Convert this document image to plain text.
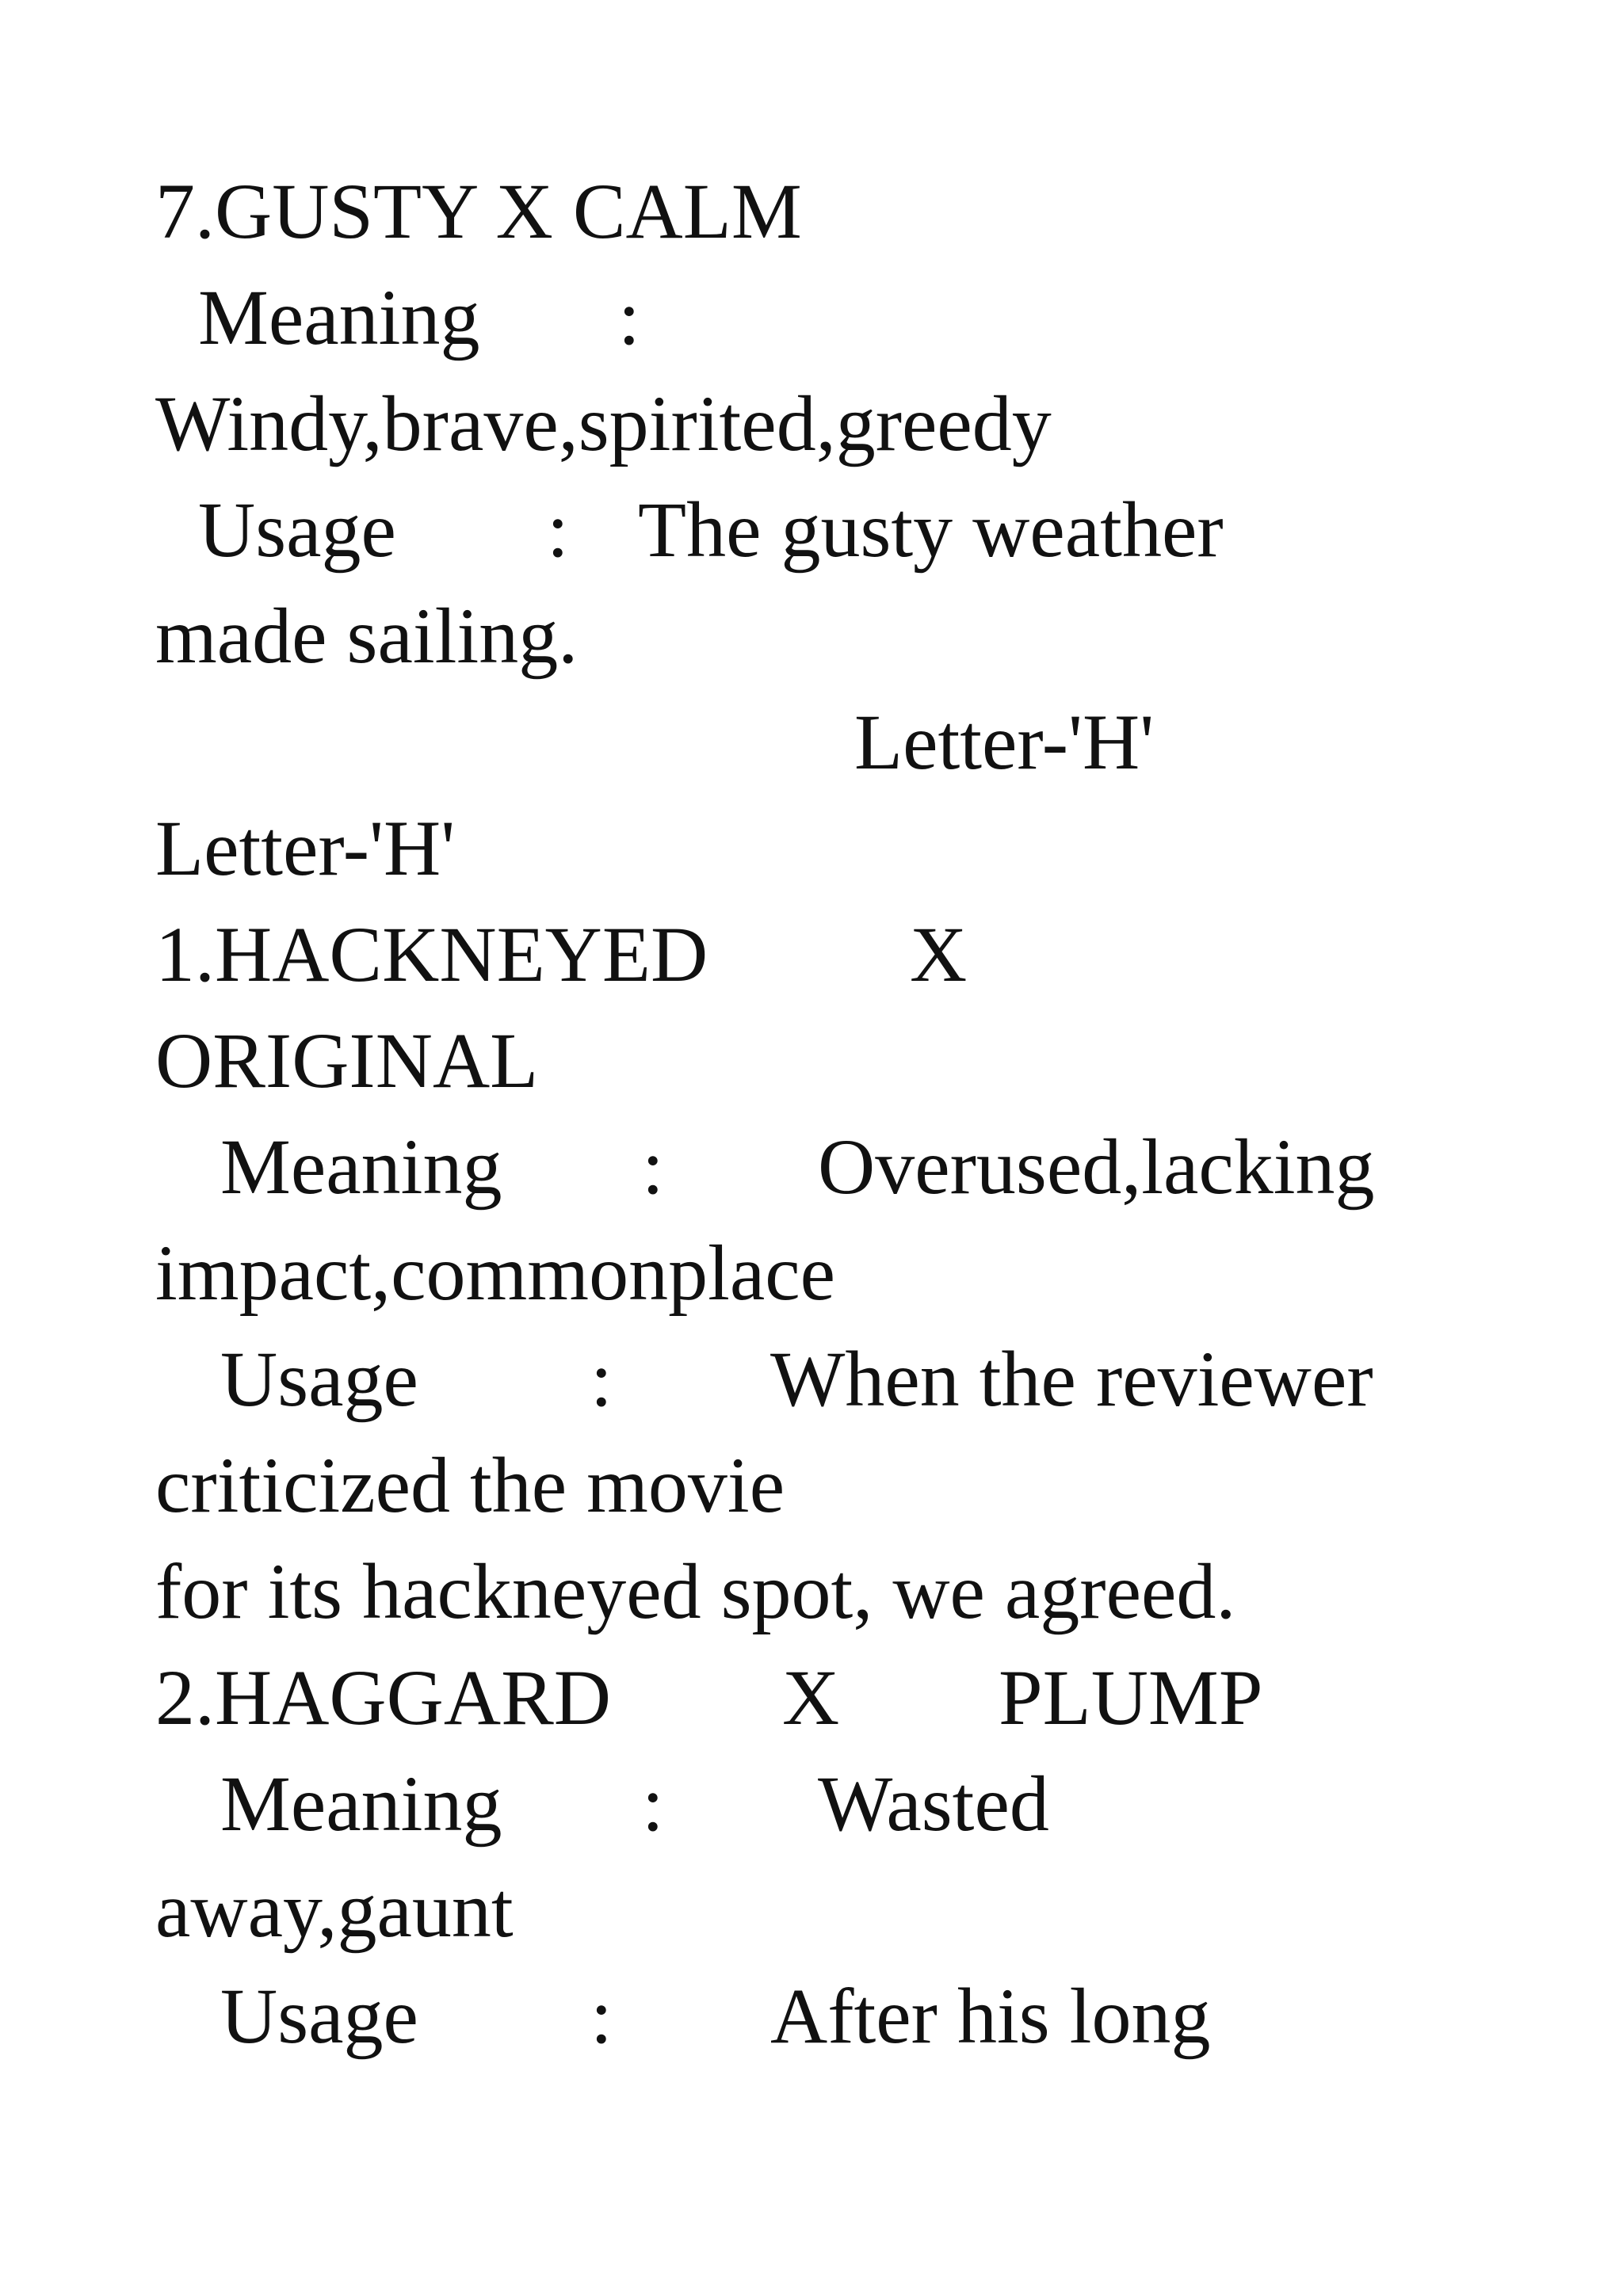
7.GUSTY X CALM
Meaning :
Windy,brave,spirited,greedy
Usage : The gusty weather
made sailing.
Letter-'H'
Letter-'H'
1.HACKNEYED	X
ORIGINAL
Meaning : Overused,lacking
impact,commonplace
Usage : When the reviewer
criticized the movie
for its hackneyed spot, we agreed.
2.HAGGARD X PLUMP
Meaning : Wasted
away,gaunt
Usage : After his long
